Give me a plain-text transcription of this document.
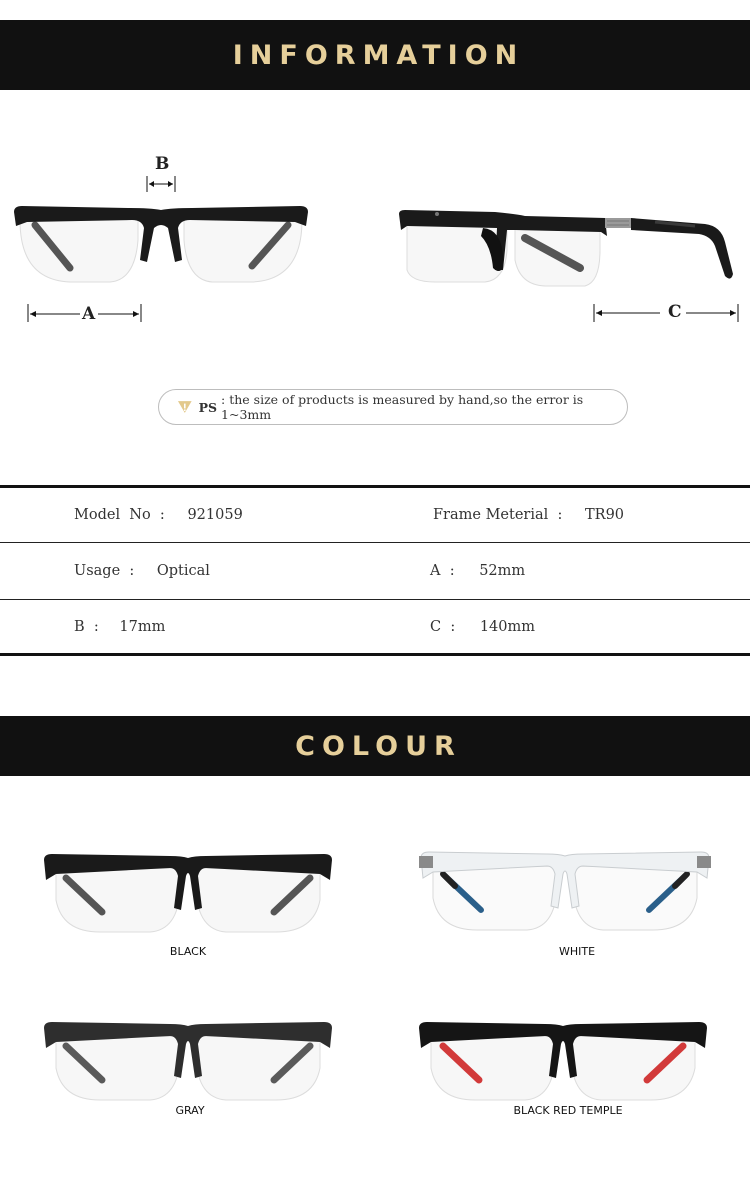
INFORMATION
B
A	C
PS : the size of products is measured by hand,so the error is 1~3mm
Model  No  : 921059	Frame Meterial  : TR90
Usage  : Optical	A  : 52mm
B  : 17mm	C  : 140mm
COLOUR
BLACK	WHITE
GRAY	BLACK RED TEMPLE
